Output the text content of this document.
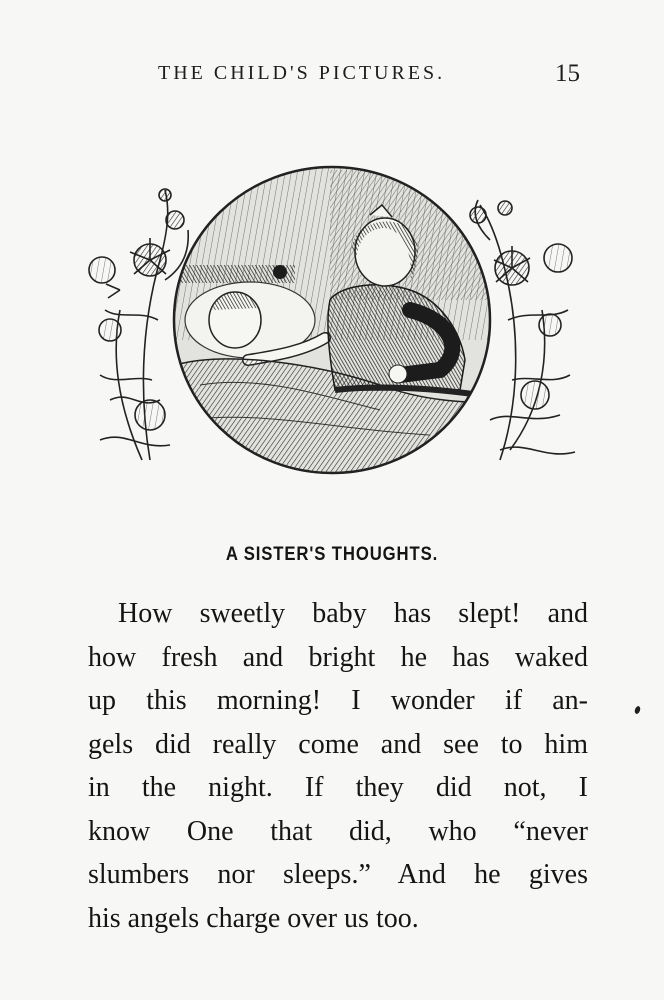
THE CHILD'S PICTURES.	15
A SISTER'S THOUGHTS.
How sweetly baby has slept! and
how fresh and bright he has waked
up this morning! I wonder if an-
gels did really come and see to him
in the night. If they did not, I
know One that did, who “never
slumbers nor sleeps.” And he gives
his angels charge over us too.
